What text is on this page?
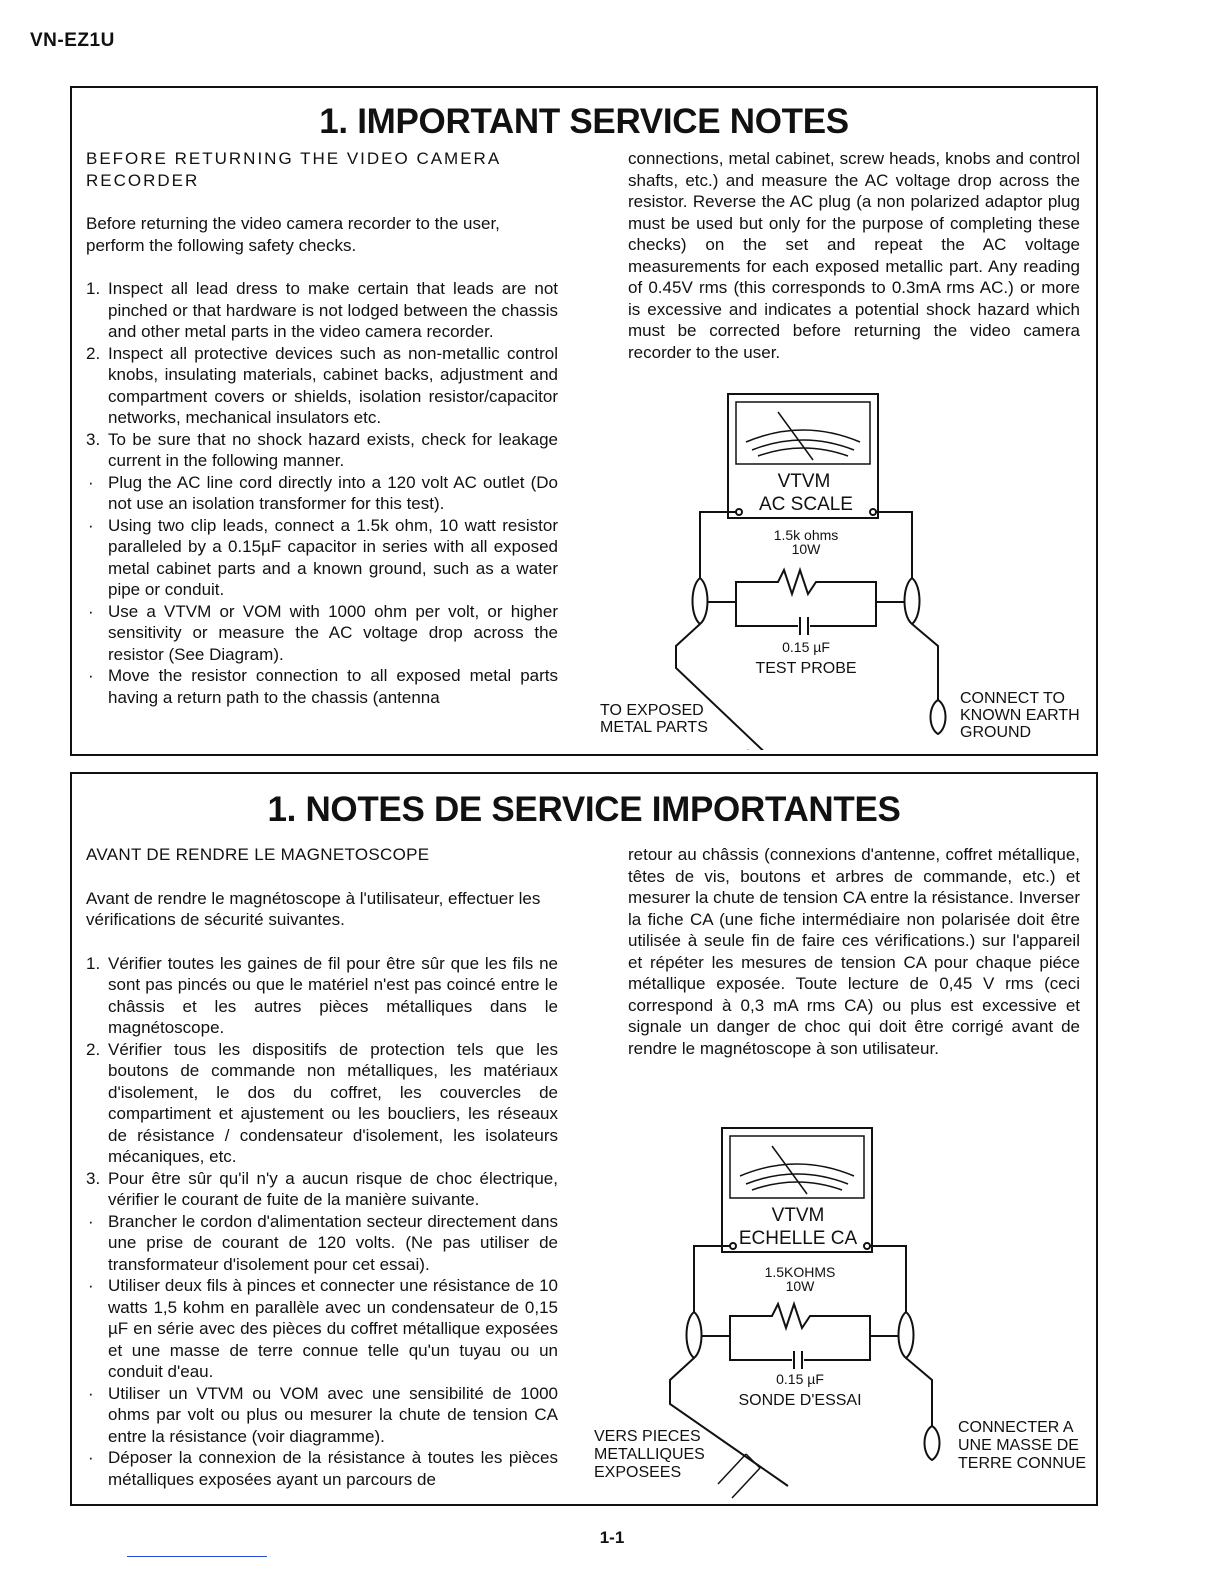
VN-EZ1U
1. IMPORTANT SERVICE NOTES

BEFORE RETURNING THE VIDEO CAMERA RECORDER

Before returning the video camera recorder to the user, perform the following safety checks.

1. Inspect all lead dress to make certain that leads are not pinched or that hardware is not lodged between the chassis and other metal parts in the video camera recorder.
2. Inspect all protective devices such as non-metallic control knobs, insulating materials, cabinet backs, adjustment and compartment covers or shields, isolation resistor/capacitor networks, mechanical insulators etc.
3. To be sure that no shock hazard exists, check for leakage current in the following manner.
· Plug the AC line cord directly into a 120 volt AC outlet (Do not use an isolation transformer for this test).
· Using two clip leads, connect a 1.5k ohm, 10 watt resistor paralleled by a 0.15µF capacitor in series with all exposed metal cabinet parts and a known ground, such as a water pipe or conduit.
· Use a VTVM or VOM with 1000 ohm per volt, or higher sensitivity or measure the AC voltage drop across the resistor (See Diagram).
· Move the resistor connection to all exposed metal parts having a return path to the chassis (antenna

connections, metal cabinet, screw heads, knobs and control shafts, etc.) and measure the AC voltage drop across the resistor. Reverse the AC plug (a non polarized adaptor plug must be used but only for the purpose of completing these checks) on the set and repeat the AC voltage measurements for each exposed metallic part. Any reading of 0.45V rms (this corresponds to 0.3mA rms AC.) or more is excessive and indicates a potential shock hazard which must be corrected before returning the video camera recorder to the user.

VTVM
AC SCALE
1.5k ohms
10W
0.15 µF
TEST PROBE
TO EXPOSED
METAL PARTS
CONNECT TO
KNOWN EARTH
GROUND
1. NOTES DE SERVICE IMPORTANTES

AVANT DE RENDRE LE MAGNETOSCOPE

Avant de rendre le magnétoscope à l'utilisateur, effectuer les vérifications de sécurité suivantes.

1. Vérifier toutes les gaines de fil pour être sûr que les fils ne sont pas pincés ou que le matériel n'est pas coincé entre le châssis et les autres pièces métalliques dans le magnétoscope.
2. Vérifier tous les dispositifs de protection tels que les boutons de commande non métalliques, les matériaux d'isolement, le dos du coffret, les couvercles de compartiment et ajustement ou les boucliers, les réseaux de résistance / condensateur d'isolement, les isolateurs mécaniques, etc.
3. Pour être sûr qu'il n'y a aucun risque de choc électrique, vérifier le courant de fuite de la manière suivante.
· Brancher le cordon d'alimentation secteur directement dans une prise de courant de 120 volts. (Ne pas utiliser de transformateur d'isolement pour cet essai).
· Utiliser deux fils à pinces et connecter une résistance de 10 watts 1,5 kohm en parallèle avec un condensateur de 0,15 µF en série avec des pièces du coffret métallique exposées et une masse de terre connue telle qu'un tuyau ou un conduit d'eau.
· Utiliser un VTVM ou VOM avec une sensibilité de 1000 ohms par volt ou plus ou mesurer la chute de tension CA entre la résistance (voir diagramme).
· Déposer la connexion de la résistance à toutes les pièces métalliques exposées ayant un parcours de

retour au châssis (connexions d'antenne, coffret métallique, têtes de vis, boutons et arbres de commande, etc.) et mesurer la chute de tension CA entre la résistance. Inverser la fiche CA (une fiche intermédiaire non polarisée doit être utilisée à seule fin de faire ces vérifications.) sur l'appareil et répéter les mesures de tension CA pour chaque piéce métallique exposée. Toute lecture de 0,45 V rms (ceci correspond à 0,3 mA rms CA) ou plus est excessive et signale un danger de choc qui doit être corrigé avant de rendre le magnétoscope à son utilisateur.

VTVM
ECHELLE CA
1.5KOHMS
10W
0.15 µF
SONDE D'ESSAI
VERS PIECES
METALLIQUES
EXPOSEES
CONNECTER A
UNE MASSE DE
TERRE CONNUE
1-1
